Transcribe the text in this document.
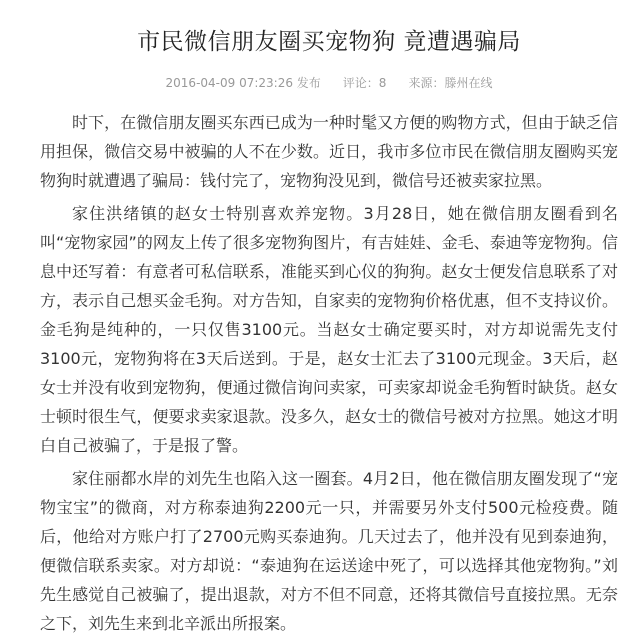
市民微信朋友圈买宠物狗 竟遭遇骗局
2016-04-09 07:23:26 发布 评论：8 来源：滕州在线

时下，在微信朋友圈买东西已成为一种时髦又方便的购物方式，但由于缺乏信用担保，微信交易中被骗的人不在少数。近日，我市多位市民在微信朋友圈购买宠物狗时就遭遇了骗局：钱付完了，宠物狗没见到，微信号还被卖家拉黑。

家住洪绪镇的赵女士特别喜欢养宠物。3月28日，她在微信朋友圈看到名叫“宠物家园”的网友上传了很多宠物狗图片，有吉娃娃、金毛、泰迪等宠物狗。信息中还写着：有意者可私信联系，准能买到心仪的狗狗。赵女士便发信息联系了对方，表示自己想买金毛狗。对方告知，自家卖的宠物狗价格优惠，但不支持议价。金毛狗是纯种的，一只仅售3100元。当赵女士确定要买时，对方却说需先支付3100元，宠物狗将在3天后送到。于是，赵女士汇去了3100元现金。3天后，赵女士并没有收到宠物狗，便通过微信询问卖家，可卖家却说金毛狗暂时缺货。赵女士顿时很生气，便要求卖家退款。没多久，赵女士的微信号被对方拉黑。她这才明白自己被骗了，于是报了警。

家住丽都水岸的刘先生也陷入这一圈套。4月2日，他在微信朋友圈发现了“宠物宝宝”的微商，对方称泰迪狗2200元一只，并需要另外支付500元检疫费。随后，他给对方账户打了2700元购买泰迪狗。几天过去了，他并没有见到泰迪狗，便微信联系卖家。对方却说：“泰迪狗在运送途中死了，可以选择其他宠物狗。”刘先生感觉自己被骗了，提出退款，对方不但不同意，还将其微信号直接拉黑。无奈之下，刘先生来到北辛派出所报案。
